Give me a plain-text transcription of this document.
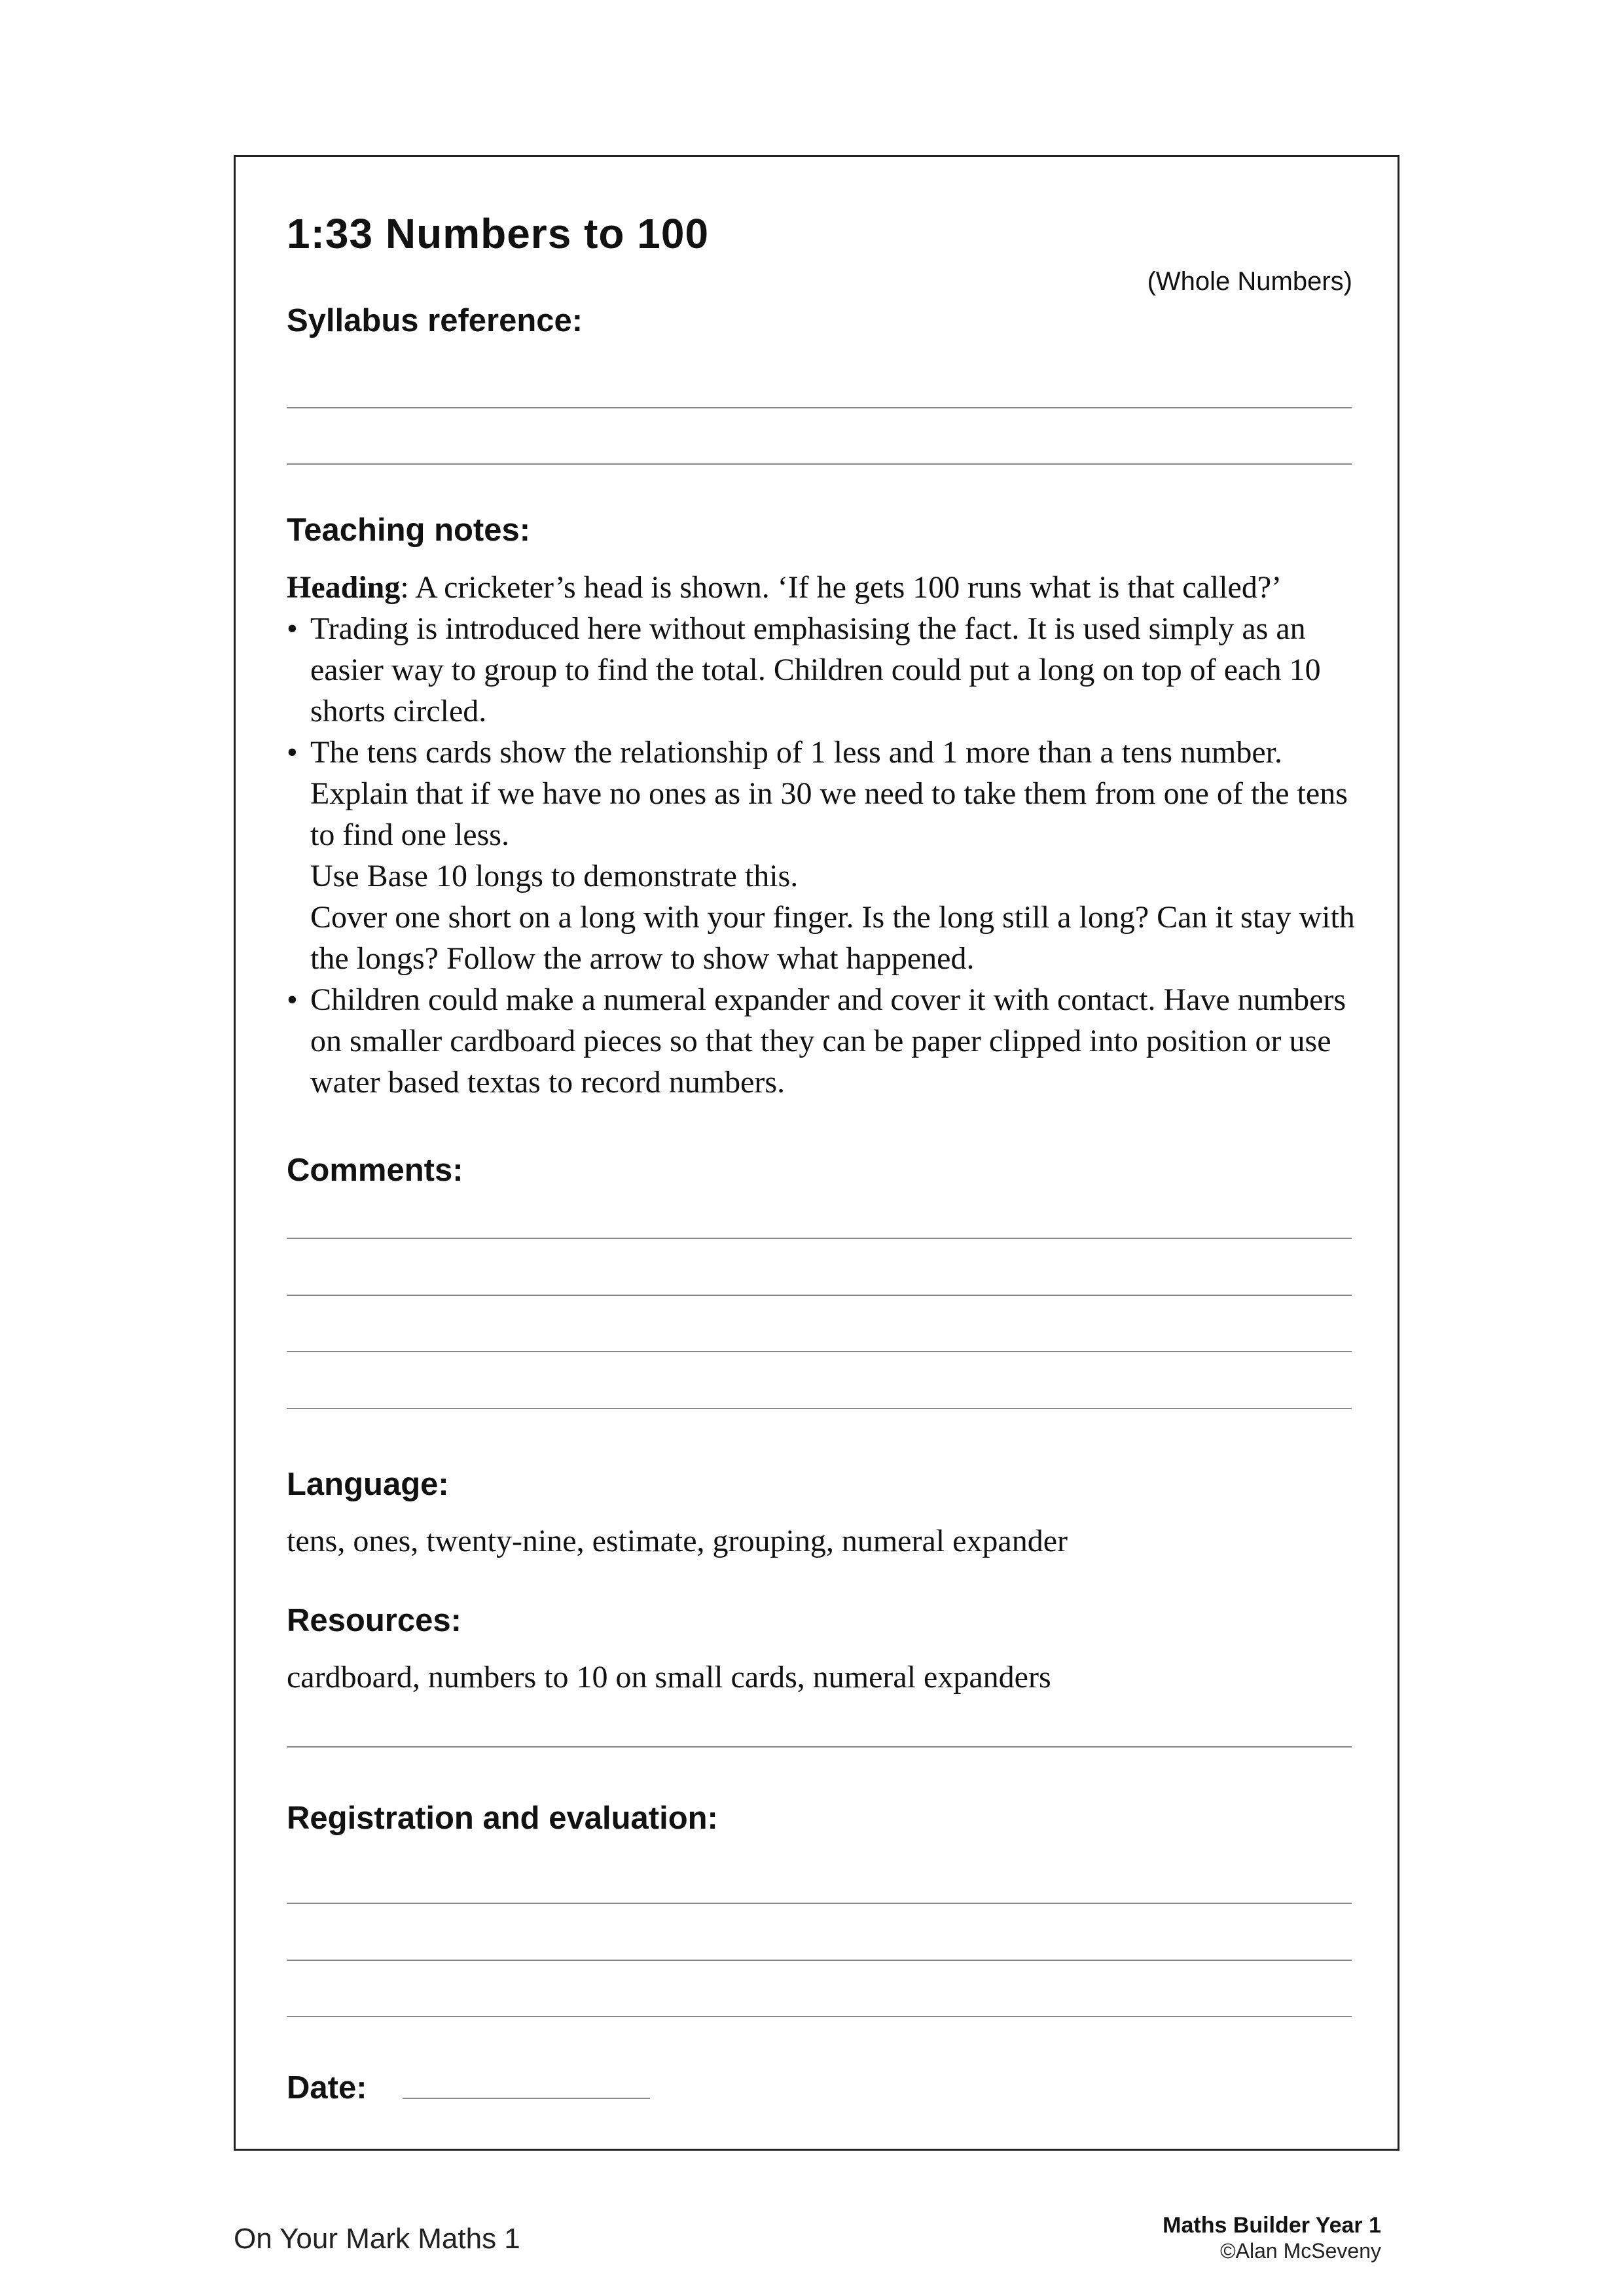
1:33 Numbers to 100
(Whole Numbers)
Syllabus reference:
Teaching notes:

Heading: A cricketer’s head is shown. ‘If he gets 100 runs what is that called?’

• Trading is introduced here without emphasising the fact. It is used simply as an easier way to group to find the total. Children could put a long on top of each 10 shorts circled.

• The tens cards show the relationship of 1 less and 1 more than a tens number. Explain that if we have no ones as in 30 we need to take them from one of the tens to find one less.

Use Base 10 longs to demonstrate this.

Cover one short on a long with your finger. Is the long still a long? Can it stay with the longs? Follow the arrow to show what happened.

• Children could make a numeral expander and cover it with contact. Have numbers on smaller cardboard pieces so that they can be paper clipped into position or use water based textas to record numbers.

Comments:
Language:
tens, ones, twenty-nine, estimate, grouping, numeral expander
Resources:
cardboard, numbers to 10 on small cards, numeral expanders
Registration and evaluation:
Date:
On Your Mark Maths 1	Maths Builder Year 1
©Alan McSeveny
